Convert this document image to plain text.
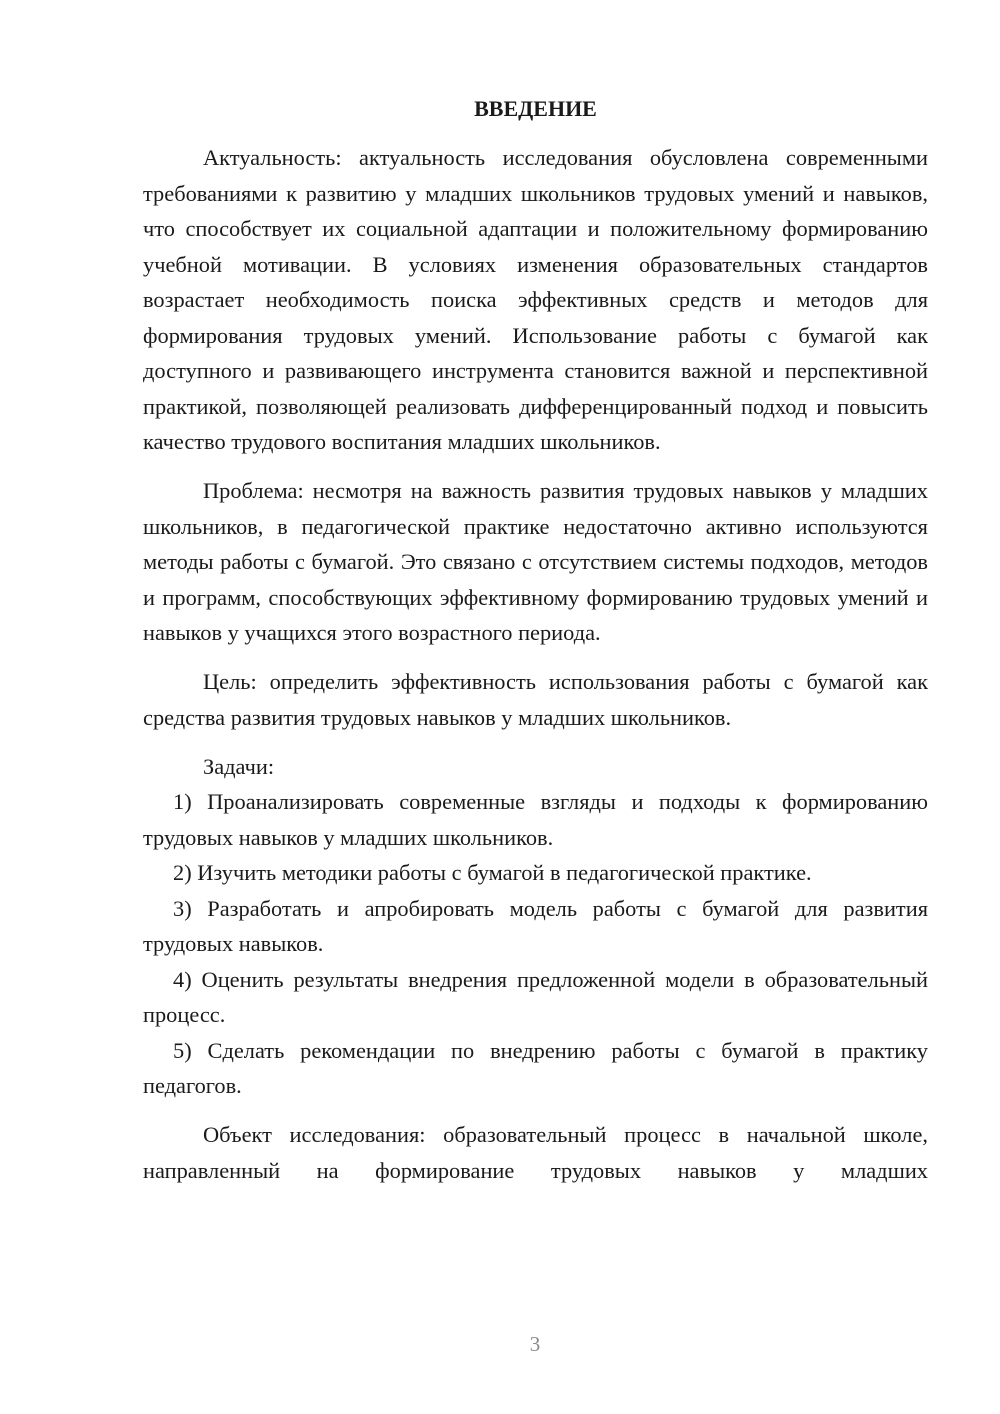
ВВЕДЕНИЕ

Актуальность: актуальность исследования обусловлена современными требованиями к развитию у младших школьников трудовых умений и навыков, что способствует их социальной адаптации и положительному формированию учебной мотивации. В условиях изменения образовательных стандартов возрастает необходимость поиска эффективных средств и методов для формирования трудовых умений. Использование работы с бумагой как доступного и развивающего инструмента становится важной и перспективной практикой, позволяющей реализовать дифференцированный подход и повысить качество трудового воспитания младших школьников.

Проблема: несмотря на важность развития трудовых навыков у младших школьников, в педагогической практике недостаточно активно используются методы работы с бумагой. Это связано с отсутствием системы подходов, методов и программ, способствующих эффективному формированию трудовых умений и навыков у учащихся этого возрастного периода.

Цель: определить эффективность использования работы с бумагой как средства развития трудовых навыков у младших школьников.

Задачи:

1) Проанализировать современные взгляды и подходы к формированию трудовых навыков у младших школьников.

2) Изучить методики работы с бумагой в педагогической практике.

3) Разработать и апробировать модель работы с бумагой для развития трудовых навыков.

4) Оценить результаты внедрения предложенной модели в образовательный процесс.

5) Сделать рекомендации по внедрению работы с бумагой в практику педагогов.

Объект исследования: образовательный процесс в начальной школе, направленный на формирование трудовых навыков у младших

3
